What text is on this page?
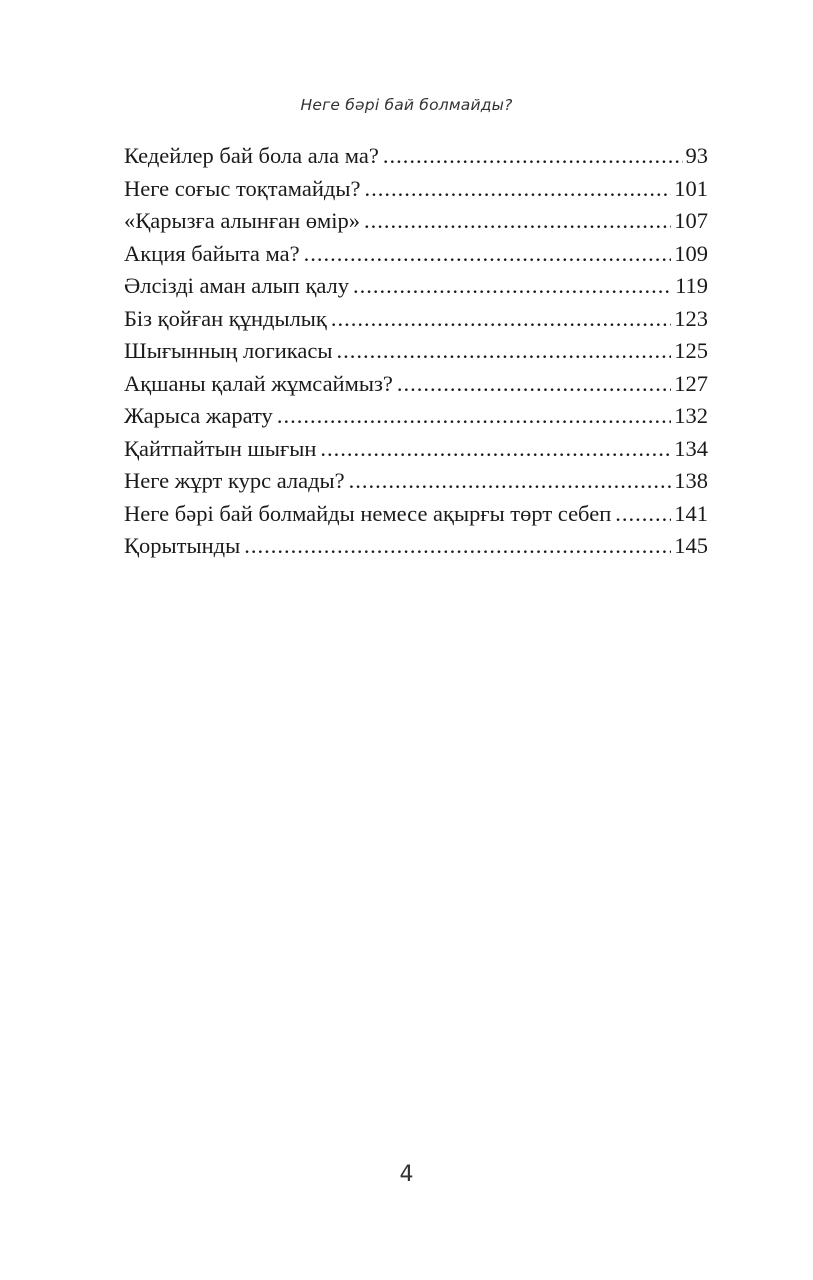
Неге бәрі бай болмайды?
Кедейлер бай бола ала ма? .....	93
Неге соғыс тоқтамайды? .....	101
«Қарызға алынған өмір» .....	107
Акция байыта ма? .....	109
Әлсізді аман алып қалу .....	119
Біз қойған құндылық .....	123
Шығынның логикасы .....	125
Ақшаны қалай жұмсаймыз? .....	127
Жарыса жарату .....	132
Қайтпайтын шығын .....	134
Неге жұрт курс алады? .....	138
Неге бәрі бай болмайды немесе ақырғы төрт себеп .....	141
Қорытынды .....	145
4
